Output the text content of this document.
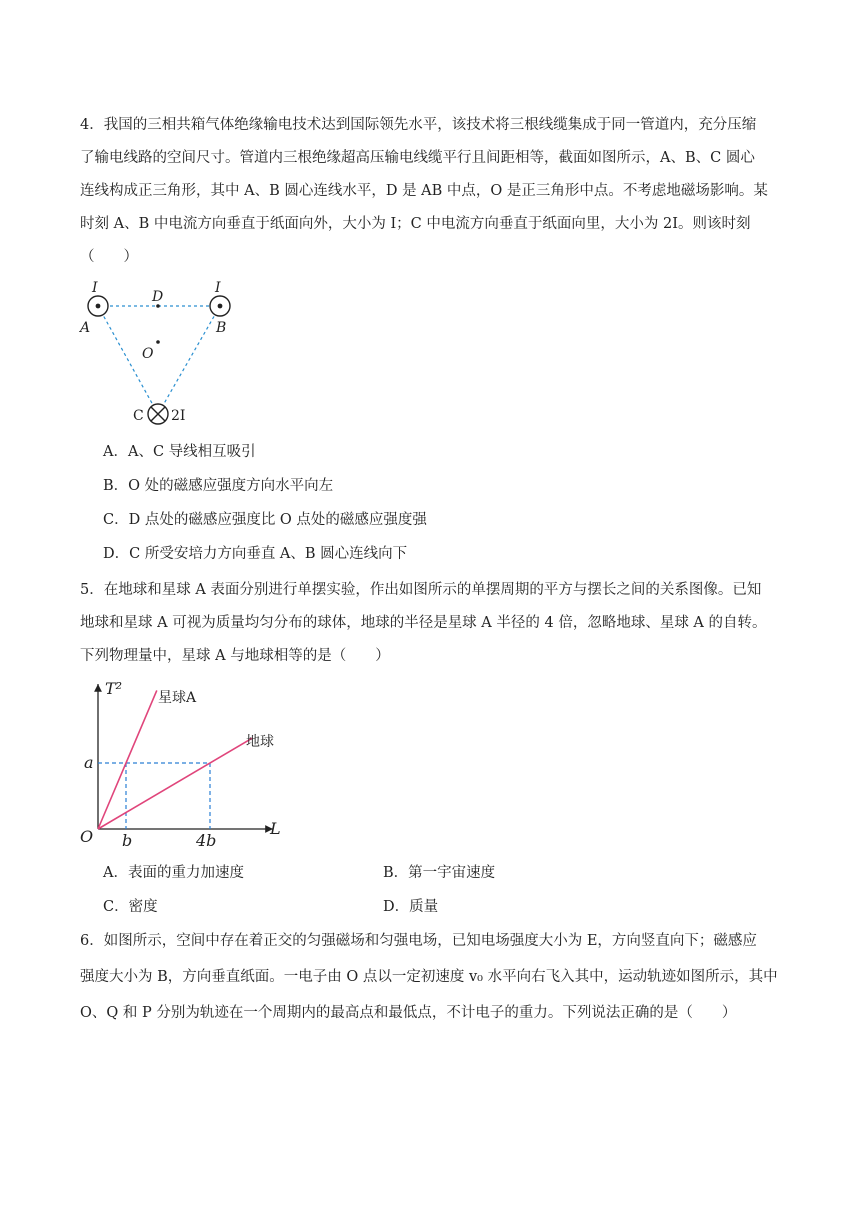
4．我国的三相共箱气体绝缘输电技术达到国际领先水平，该技术将三根线缆集成于同一管道内，充分压缩
了输电线路的空间尺寸。管道内三根绝缘超高压输电线缆平行且间距相等，截面如图所示，A、B、C 圆心
连线构成正三角形，其中 A、B 圆心连线水平，D 是 AB 中点，O 是正三角形中点。不考虑地磁场影响。某
时刻 A、B 中电流方向垂直于纸面向外，大小为 I；C 中电流方向垂直于纸面向里，大小为 2I。则该时刻
（　　）
I	I
A	B
D
O
C 2I
A．A、C 导线相互吸引
B．O 处的磁感应强度方向水平向左
C．D 点处的磁感应强度比 O 点处的磁感应强度强
D．C 所受安培力方向垂直 A、B 圆心连线向下
5．在地球和星球 A 表面分别进行单摆实验，作出如图所示的单摆周期的平方与摆长之间的关系图像。已知
地球和星球 A 可视为质量均匀分布的球体，地球的半径是星球 A 半径的 4 倍，忽略地球、星球 A 的自转。
下列物理量中，星球 A 与地球相等的是（　　）
T²
L
O
a
b	4b
星球A
地球
A．表面的重力加速度	B．第一宇宙速度
C．密度	D．质量
6．如图所示，空间中存在着正交的匀强磁场和匀强电场，已知电场强度大小为 E，方向竖直向下；磁感应
强度大小为 B，方向垂直纸面。一电子由 O 点以一定初速度 v₀ 水平向右飞入其中，运动轨迹如图所示，其中
O、Q 和 P 分别为轨迹在一个周期内的最高点和最低点，不计电子的重力。下列说法正确的是（　　）
